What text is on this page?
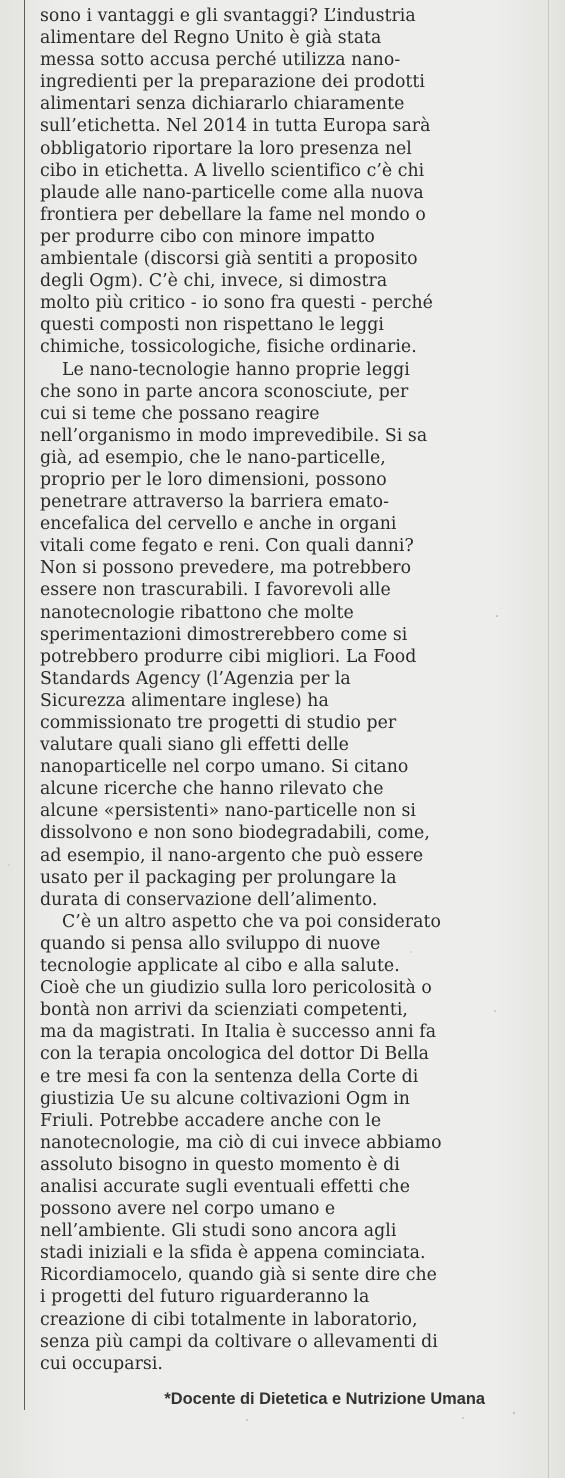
sono i vantaggi e gli svantaggi? L’industria
alimentare del Regno Unito è già stata
messa sotto accusa perché utilizza nano-
ingredienti per la preparazione dei prodotti
alimentari senza dichiararlo chiaramente
sull’etichetta. Nel 2014 in tutta Europa sarà
obbligatorio riportare la loro presenza nel
cibo in etichetta. A livello scientifico c’è chi
plaude alle nano-particelle come alla nuova
frontiera per debellare la fame nel mondo o
per produrre cibo con minore impatto
ambientale (discorsi già sentiti a proposito
degli Ogm). C’è chi, invece, si dimostra
molto più critico - io sono fra questi - perché
questi composti non rispettano le leggi
chimiche, tossicologiche, fisiche ordinarie.
Le nano-tecnologie hanno proprie leggi
che sono in parte ancora sconosciute, per
cui si teme che possano reagire
nell’organismo in modo imprevedibile. Si sa
già, ad esempio, che le nano-particelle,
proprio per le loro dimensioni, possono
penetrare attraverso la barriera emato-
encefalica del cervello e anche in organi
vitali come fegato e reni. Con quali danni?
Non si possono prevedere, ma potrebbero
essere non trascurabili. I favorevoli alle
nanotecnologie ribattono che molte
sperimentazioni dimostrerebbero come si
potrebbero produrre cibi migliori. La Food
Standards Agency (l’Agenzia per la
Sicurezza alimentare inglese) ha
commissionato tre progetti di studio per
valutare quali siano gli effetti delle
nanoparticelle nel corpo umano. Si citano
alcune ricerche che hanno rilevato che
alcune «persistenti» nano-particelle non si
dissolvono e non sono biodegradabili, come,
ad esempio, il nano-argento che può essere
usato per il packaging per prolungare la
durata di conservazione dell’alimento.
C’è un altro aspetto che va poi considerato
quando si pensa allo sviluppo di nuove
tecnologie applicate al cibo e alla salute.
Cioè che un giudizio sulla loro pericolosità o
bontà non arrivi da scienziati competenti,
ma da magistrati. In Italia è successo anni fa
con la terapia oncologica del dottor Di Bella
e tre mesi fa con la sentenza della Corte di
giustizia Ue su alcune coltivazioni Ogm in
Friuli. Potrebbe accadere anche con le
nanotecnologie, ma ciò di cui invece abbiamo
assoluto bisogno in questo momento è di
analisi accurate sugli eventuali effetti che
possono avere nel corpo umano e
nell’ambiente. Gli studi sono ancora agli
stadi iniziali e la sfida è appena cominciata.
Ricordiamocelo, quando già si sente dire che
i progetti del futuro riguarderanno la
creazione di cibi totalmente in laboratorio,
senza più campi da coltivare o allevamenti di
cui occuparsi.
*Docente di Dietetica e Nutrizione Umana
